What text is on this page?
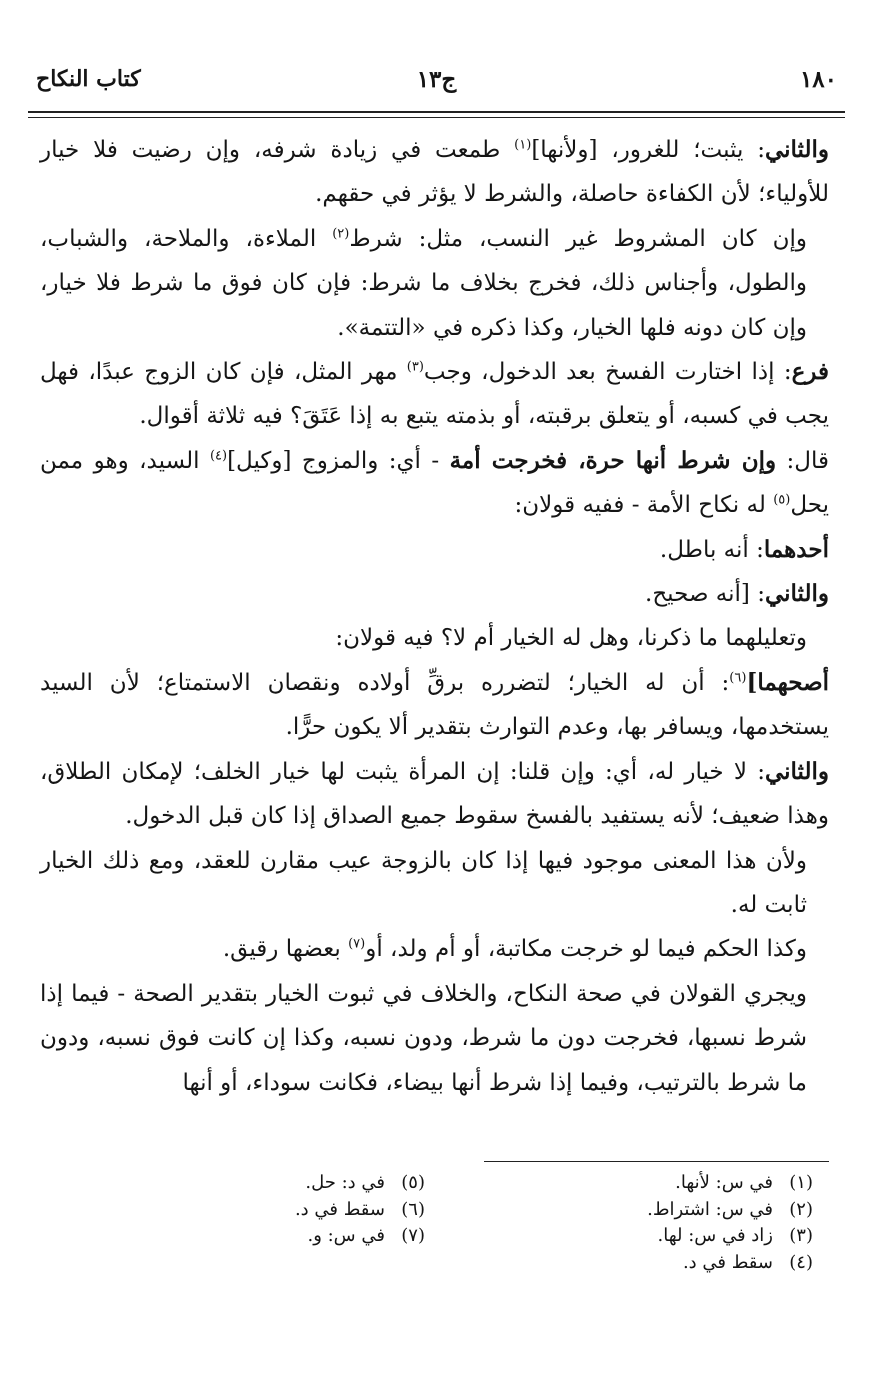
١٨٠
ج١٣
كتاب النكاح

والثاني: يثبت؛ للغرور، [ولأنها]$^{(١)}$ طمعت في زيادة شرفه، وإن رضيت فلا خيار للأولياء؛ لأن الكفاءة حاصلة، والشرط لا يؤثر في حقهم.

وإن كان المشروط غير النسب، مثل: شرط$^{(٢)}$ الملاءة، والملاحة، والشباب، والطول، وأجناس ذلك، فخرج بخلاف ما شرط: فإن كان فوق ما شرط فلا خيار، وإن كان دونه فلها الخيار، وكذا ذكره في «التتمة».

فرع: إذا اختارت الفسخ بعد الدخول، وجب$^{(٣)}$ مهر المثل، فإن كان الزوج عبدًا، فهل يجب في كسبه، أو يتعلق برقبته، أو بذمته يتبع به إذا عَتَقَ؟ فيه ثلاثة أقوال.

قال: وإن شرط أنها حرة، فخرجت أمة - أي: والمزوج [وكيل]$^{(٤)}$ السيد، وهو ممن يحل$^{(٥)}$ له نكاح الأمة - ففيه قولان:

أحدهما: أنه باطل.

والثاني: [أنه صحيح.

وتعليلهما ما ذكرنا، وهل له الخيار أم لا؟ فيه قولان:

أصحهما]$^{(٦)}$: أن له الخيار؛ لتضرره برقِّ أولاده ونقصان الاستمتاع؛ لأن السيد يستخدمها، ويسافر بها، وعدم التوارث بتقدير ألا يكون حرًّا.

والثاني: لا خيار له، أي: وإن قلنا: إن المرأة يثبت لها خيار الخلف؛ لإمكان الطلاق، وهذا ضعيف؛ لأنه يستفيد بالفسخ سقوط جميع الصداق إذا كان قبل الدخول.

ولأن هذا المعنى موجود فيها إذا كان بالزوجة عيب مقارن للعقد، ومع ذلك الخيار ثابت له.

وكذا الحكم فيما لو خرجت مكاتبة، أو أم ولد، أو$^{(٧)}$ بعضها رقيق.

ويجري القولان في صحة النكاح، والخلاف في ثبوت الخيار بتقدير الصحة - فيما إذا شرط نسبها، فخرجت دون ما شرط، ودون نسبه، وكذا إن كانت فوق نسبه، ودون ما شرط بالترتيب، وفيما إذا شرط أنها بيضاء، فكانت سوداء، أو أنها

(١)في س: لأنها.
(٢)في س: اشتراط.
(٣)زاد في س: لها.
(٤)سقط في د.
(٥)في د: حل.
(٦)سقط في د.
(٧)في س: و.
